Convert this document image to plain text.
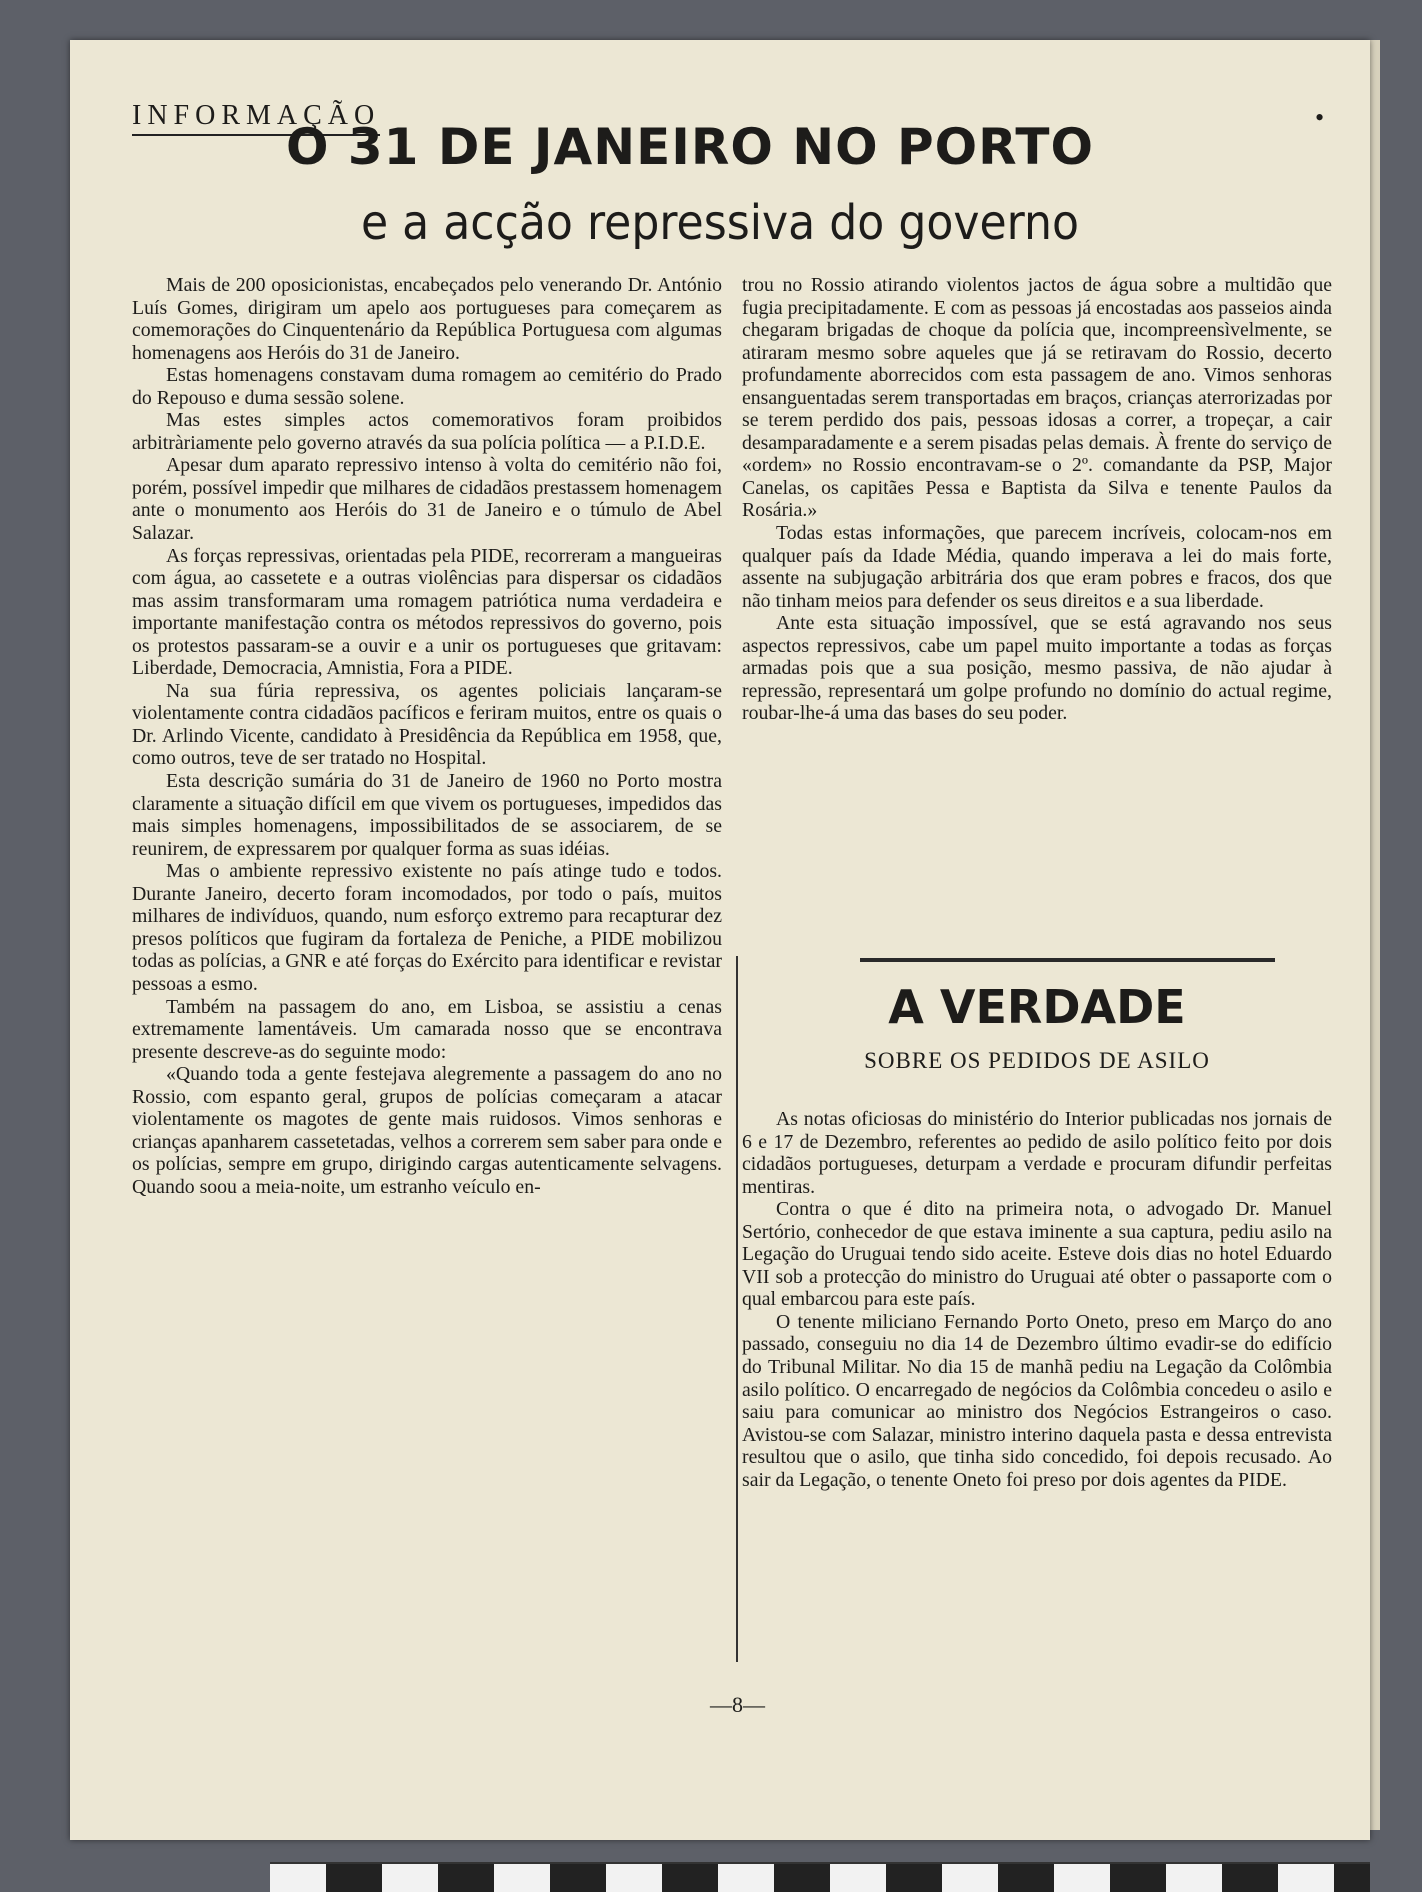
INFORMAÇÃO	•
O 31 DE JANEIRO NO PORTO
e a acção repressiva do governo

Mais de 200 oposicionistas, encabeçados pelo venerando Dr. António Luís Gomes, dirigiram um apelo aos portugueses para começarem as comemorações do Cinquentenário da República Portuguesa com algumas homenagens aos Heróis do 31 de Janeiro.

Estas homenagens constavam duma romagem ao cemitério do Prado do Repouso e duma sessão solene.

Mas estes simples actos comemorativos foram proibidos arbitràriamente pelo governo através da sua polícia política — a P.I.D.E.

Apesar dum aparato repressivo intenso à volta do cemitério não foi, porém, possível impedir que milhares de cidadãos prestassem homenagem ante o monumento aos Heróis do 31 de Janeiro e o túmulo de Abel Salazar.

As forças repressivas, orientadas pela PIDE, recorreram a mangueiras com água, ao cassetete e a outras violências para dispersar os cidadãos mas assim transformaram uma romagem patriótica numa verdadeira e importante manifestação contra os métodos repressivos do governo, pois os protestos passaram-se a ouvir e a unir os portugueses que gritavam: Liberdade, Democracia, Amnistia, Fora a PIDE.

Na sua fúria repressiva, os agentes policiais lançaram-se violentamente contra cidadãos pacíficos e feriram muitos, entre os quais o Dr. Arlindo Vicente, candidato à Presidência da República em 1958, que, como outros, teve de ser tratado no Hospital.

Esta descrição sumária do 31 de Janeiro de 1960 no Porto mostra claramente a situação difícil em que vivem os portugueses, impedidos das mais simples homenagens, impossibilitados de se associarem, de se reunirem, de expressarem por qualquer forma as suas idéias.

Mas o ambiente repressivo existente no país atinge tudo e todos. Durante Janeiro, decerto foram incomodados, por todo o país, muitos milhares de indivíduos, quando, num esforço extremo para recapturar dez presos políticos que fugiram da fortaleza de Peniche, a PIDE mobilizou todas as polícias, a GNR e até forças do Exército para identificar e revistar pessoas a esmo.

Também na passagem do ano, em Lisboa, se assistiu a cenas extremamente lamentáveis. Um camarada nosso que se encontrava presente descreve-as do seguinte modo:

«Quando toda a gente festejava alegremente a passagem do ano no Rossio, com espanto geral, grupos de polícias começaram a atacar violentamente os magotes de gente mais ruidosos. Vimos senhoras e crianças apanharem cassetetadas, velhos a correrem sem saber para onde e os polícias, sempre em grupo, dirigindo cargas autenticamente selvagens. Quando soou a meia-noite, um estranho veículo en-

trou no Rossio atirando violentos jactos de água sobre a multidão que fugia precipitadamente. E com as pessoas já encostadas aos passeios ainda chegaram brigadas de choque da polícia que, incompreensìvelmente, se atiraram mesmo sobre aqueles que já se retiravam do Rossio, decerto profundamente aborrecidos com esta passagem de ano. Vimos senhoras ensanguentadas serem transportadas em braços, crianças aterrorizadas por se terem perdido dos pais, pessoas idosas a correr, a tropeçar, a cair desamparadamente e a serem pisadas pelas demais. À frente do serviço de «ordem» no Rossio encontravam-se o 2º. comandante da PSP, Major Canelas, os capitães Pessa e Baptista da Silva e tenente Paulos da Rosária.»

Todas estas informações, que parecem incríveis, colocam-nos em qualquer país da Idade Média, quando imperava a lei do mais forte, assente na subjugação arbitrária dos que eram pobres e fracos, dos que não tinham meios para defender os seus direitos e a sua liberdade.

Ante esta situação impossível, que se está agravando nos seus aspectos repressivos, cabe um papel muito importante a todas as forças armadas pois que a sua posição, mesmo passiva, de não ajudar à repressão, representará um golpe profundo no domínio do actual regime, roubar-lhe-á uma das bases do seu poder.

A VERDADE
SOBRE OS PEDIDOS DE ASILO

As notas oficiosas do ministério do Interior publicadas nos jornais de 6 e 17 de Dezembro, referentes ao pedido de asilo político feito por dois cidadãos portugueses, deturpam a verdade e procuram difundir perfeitas mentiras.

Contra o que é dito na primeira nota, o advogado Dr. Manuel Sertório, conhecedor de que estava iminente a sua captura, pediu asilo na Legação do Uruguai tendo sido aceite. Esteve dois dias no hotel Eduardo VII sob a protecção do ministro do Uruguai até obter o passaporte com o qual embarcou para este país.

O tenente miliciano Fernando Porto Oneto, preso em Março do ano passado, conseguiu no dia 14 de Dezembro último evadir-se do edifício do Tribunal Militar. No dia 15 de manhã pediu na Legação da Colômbia asilo político. O encarregado de negócios da Colômbia concedeu o asilo e saiu para comunicar ao ministro dos Negócios Estrangeiros o caso. Avistou-se com Salazar, ministro interino daquela pasta e dessa entrevista resultou que o asilo, que tinha sido concedido, foi depois recusado. Ao sair da Legação, o tenente Oneto foi preso por dois agentes da PIDE.

—8—
